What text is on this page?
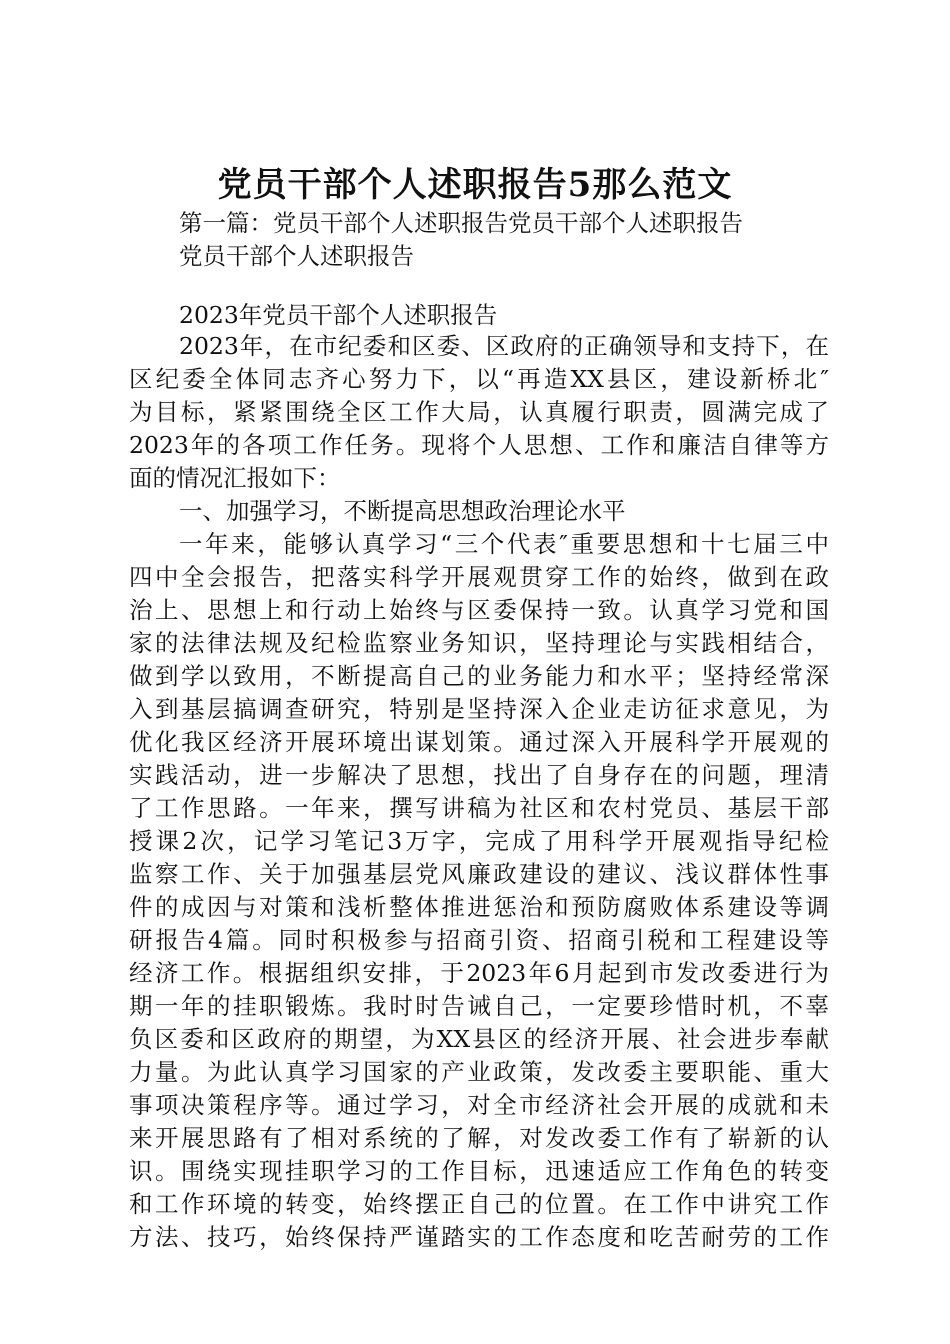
党员干部个人述职报告5那么范文
第一篇：党员干部个人述职报告党员干部个人述职报告
党员干部个人述职报告
2023年党员干部个人述职报告
2023年，在市纪委和区委、区政府的正确领导和支持下，在
区纪委全体同志齐心努力下，以“再造XX县区，建设新桥北″
为目标，紧紧围绕全区工作大局，认真履行职责，圆满完成了
2023年的各项工作任务。现将个人思想、工作和廉洁自律等方
面的情况汇报如下：
一、加强学习，不断提高思想政治理论水平
一年来，能够认真学习“三个代表″重要思想和十七届三中
四中全会报告，把落实科学开展观贯穿工作的始终，做到在政
治上、思想上和行动上始终与区委保持一致。认真学习党和国
家的法律法规及纪检监察业务知识，坚持理论与实践相结合，
做到学以致用，不断提高自己的业务能力和水平；坚持经常深
入到基层搞调查研究，特别是坚持深入企业走访征求意见，为
优化我区经济开展环境出谋划策。通过深入开展科学开展观的
实践活动，进一步解决了思想，找出了自身存在的问题，理清
了工作思路。一年来，撰写讲稿为社区和农村党员、基层干部
授课2次，记学习笔记3万字，完成了用科学开展观指导纪检
监察工作、关于加强基层党风廉政建设的建议、浅议群体性事
件的成因与对策和浅析整体推进惩治和预防腐败体系建设等调
研报告4篇。同时积极参与招商引资、招商引税和工程建设等
经济工作。根据组织安排，于2023年6月起到市发改委进行为
期一年的挂职锻炼。我时时告诫自己，一定要珍惜时机，不辜
负区委和区政府的期望，为XX县区的经济开展、社会进步奉献
力量。为此认真学习国家的产业政策，发改委主要职能、重大
事项决策程序等。通过学习，对全市经济社会开展的成就和未
来开展思路有了相对系统的了解，对发改委工作有了崭新的认
识。围绕实现挂职学习的工作目标，迅速适应工作角色的转变
和工作环境的转变，始终摆正自己的位置。在工作中讲究工作
方法、技巧，始终保持严谨踏实的工作态度和吃苦耐劳的工作
